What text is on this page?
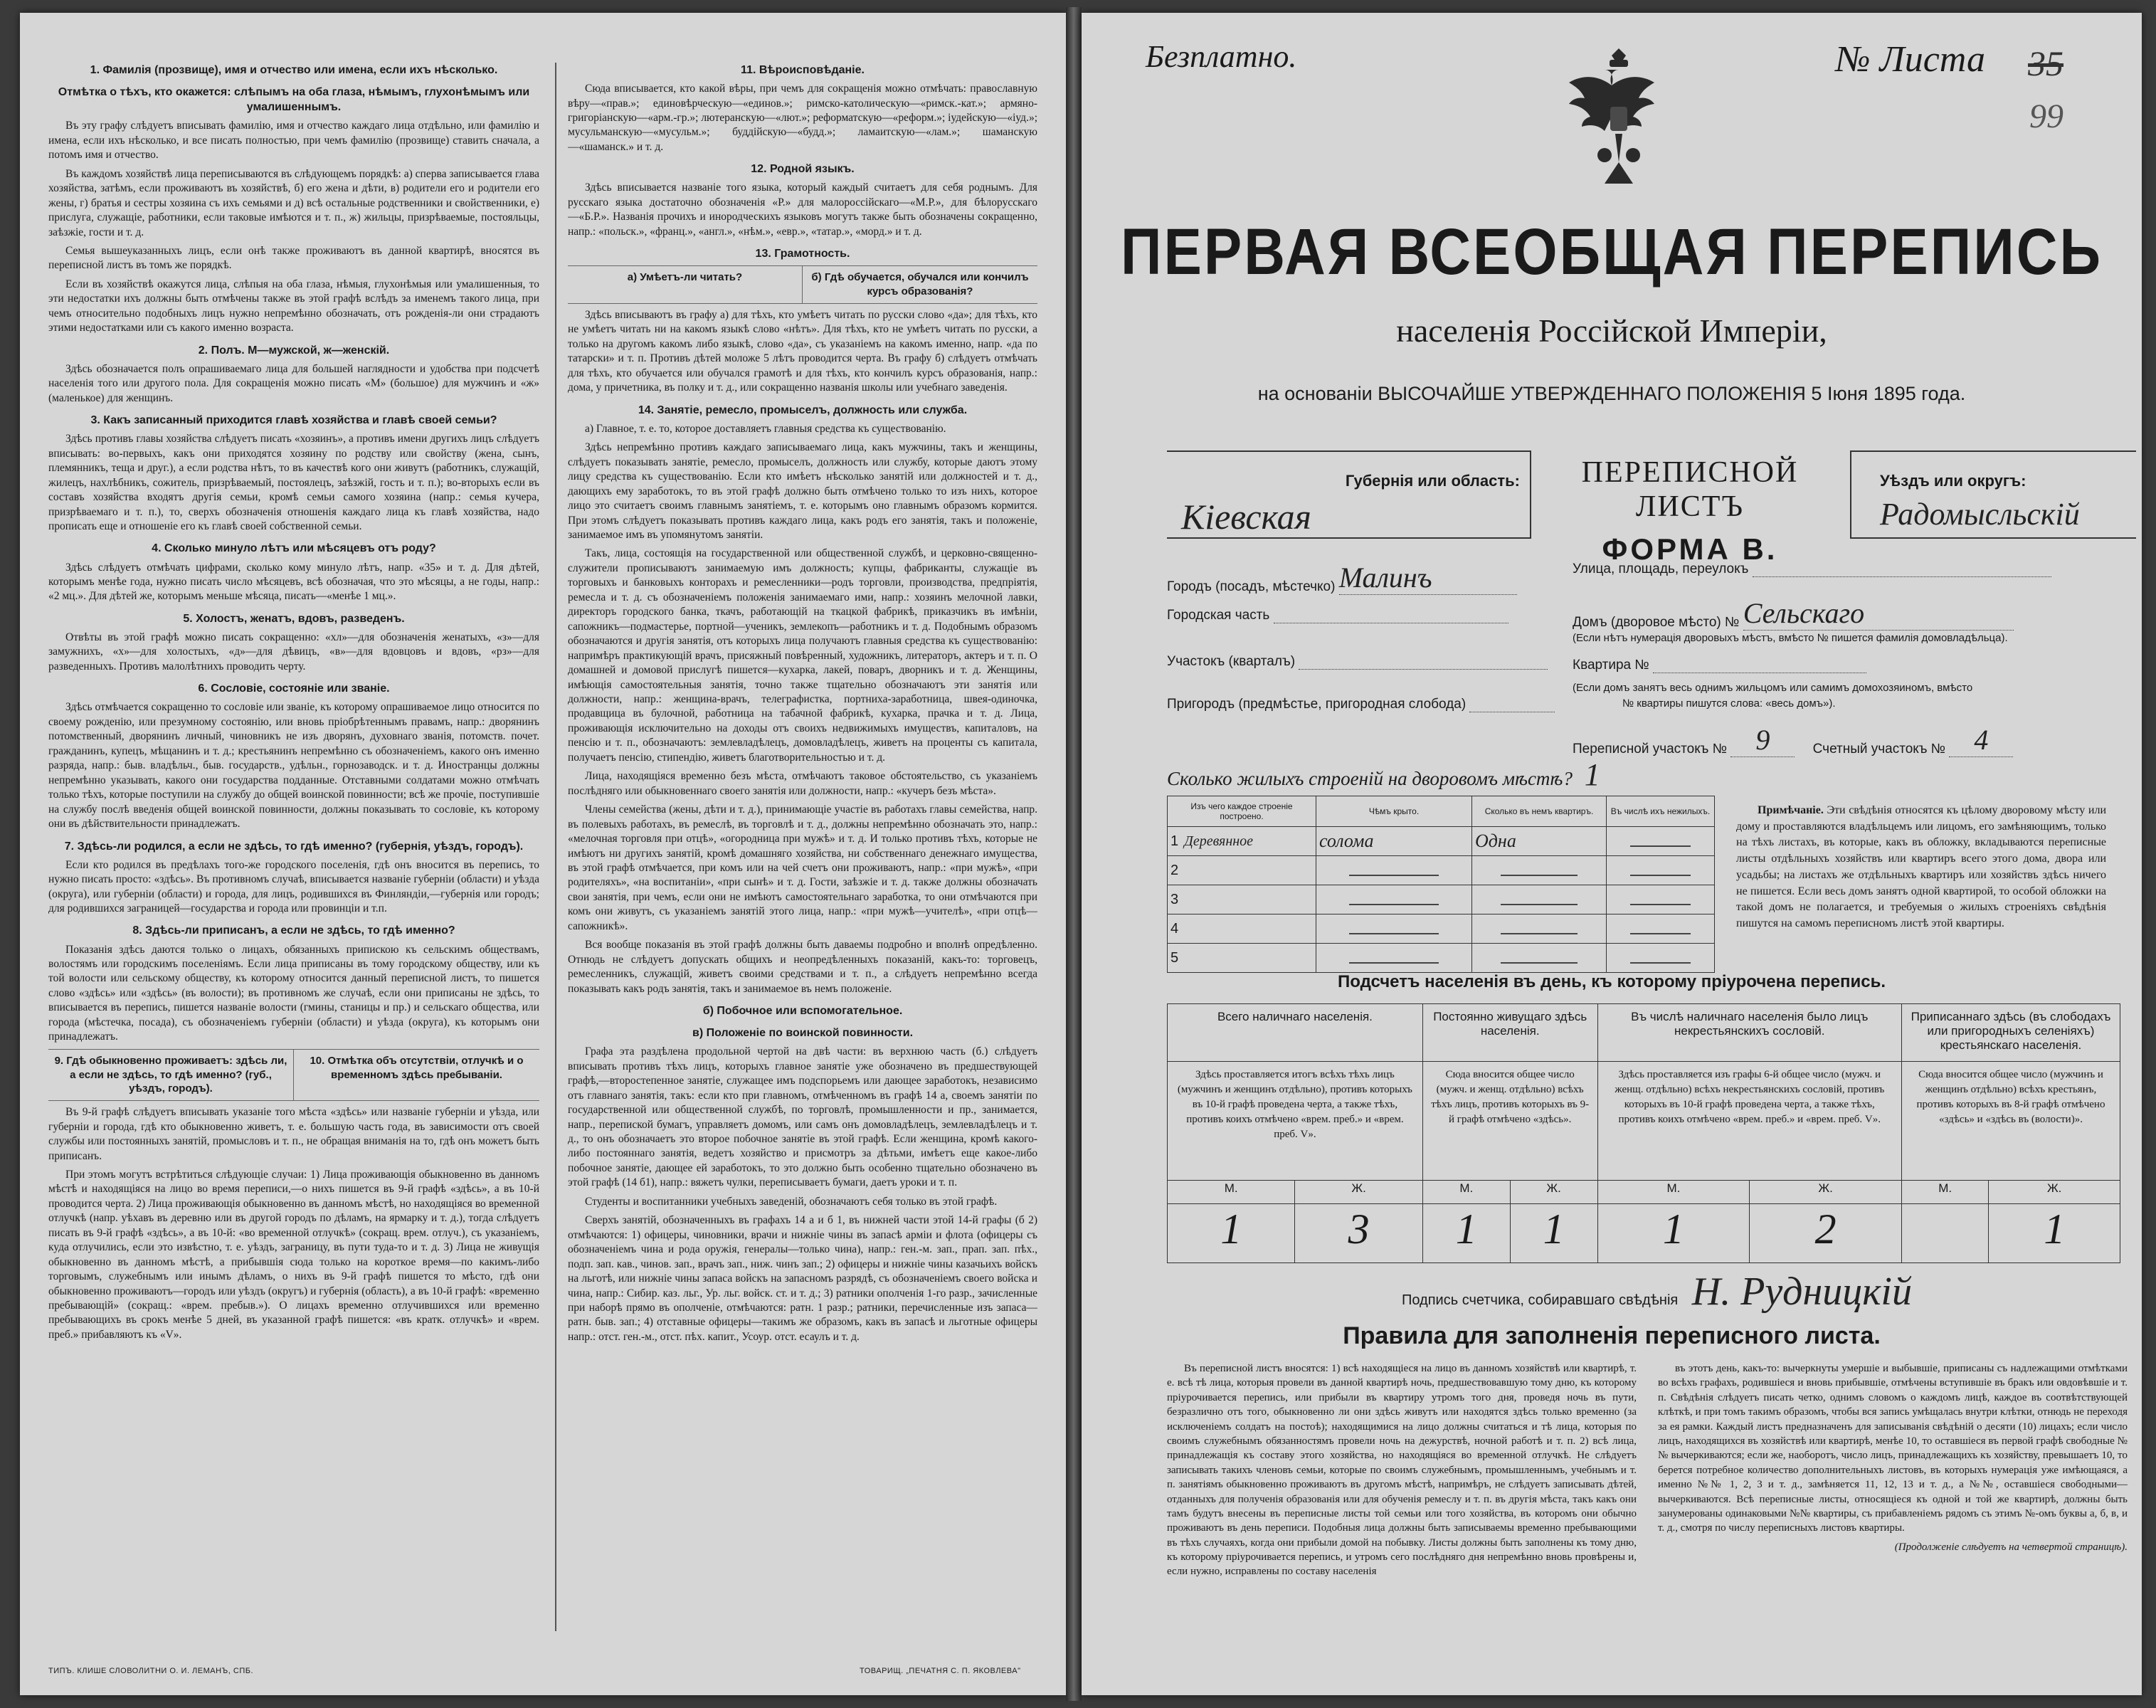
1. Фамилія (прозвище), имя и отчество или имена, если ихъ нѣсколько.
Отмѣтка о тѣхъ, кто окажется: слѣпымъ на оба глаза, нѣмымъ, глухонѣмымъ или умалишеннымъ.

Въ эту графу слѣдуетъ вписывать фамилію, имя и отчество каждаго лица отдѣльно, или фамилію и имена, если ихъ нѣсколько, и все писать полностью, при чемъ фамилію (прозвище) ставить сначала, а потомъ имя и отчество.

Въ каждомъ хозяйствѣ лица переписываются въ слѣдующемъ порядкѣ: а) сперва записывается глава хозяйства, затѣмъ, если проживаютъ въ хозяйствѣ, б) его жена и дѣти, в) родители его и родители его жены, г) братья и сестры хозяина съ ихъ семьями и д) всѣ остальные родственники и свойственники, е) прислуга, служащіе, работники, если таковые имѣются и т. п., ж) жильцы, призрѣваемые, постояльцы, заѣзжіе, гости и т. д.

Семья вышеуказанныхъ лицъ, если онѣ также проживаютъ въ данной квартирѣ, вносятся въ переписной листъ въ томъ же порядкѣ.

Если въ хозяйствѣ окажутся лица, слѣпыя на оба глаза, нѣмыя, глухонѣмыя или умалишенныя, то эти недостатки ихъ должны быть отмѣчены также въ этой графѣ вслѣдъ за именемъ такого лица, при чемъ относительно подобныхъ лицъ нужно непремѣнно обозначать, отъ рожденія-ли они страдаютъ этими недостатками или съ какого именно возраста.

2. Полъ. М—мужской, ж—женскій.

Здѣсь обозначается полъ опрашиваемаго лица для большей наглядности и удобства при подсчетѣ населенія того или другого пола. Для сокращенія можно писать «М» (большое) для мужчинъ и «ж» (маленькое) для женщинъ.

3. Какъ записанный приходится главѣ хозяйства и главѣ своей семьи?

Здѣсь противъ главы хозяйства слѣдуетъ писать «хозяинъ», а противъ имени другихъ лицъ слѣдуетъ вписывать: во-первыхъ, какъ они приходятся хозяину по родству или свойству (жена, сынъ, племянникъ, теща и друг.), а если родства нѣтъ, то въ качествѣ кого они живутъ (работникъ, служащій, жилецъ, нахлѣбникъ, сожитель, призрѣваемый, постоялецъ, заѣзжій, гость и т. п.); во-вторыхъ если въ составъ хозяйства входятъ другія семьи, кромѣ семьи самого хозяина (напр.: семья кучера, призрѣваемаго и т. п.), то, сверхъ обозначенія отношенія каждаго лица къ главѣ хозяйства, надо прописать еще и отношеніе его къ главѣ своей собственной семьи.

4. Сколько минуло лѣтъ или мѣсяцевъ отъ роду?

Здѣсь слѣдуетъ отмѣчать цифрами, сколько кому минуло лѣтъ, напр. «35» и т. д. Для дѣтей, которымъ менѣе года, нужно писать число мѣсяцевъ, всѣ обозначая, что это мѣсяцы, а не годы, напр.: «2 мц.». Для дѣтей же, которымъ меньше мѣсяца, писать—«менѣе 1 мц.».

5. Холостъ, женатъ, вдовъ, разведенъ.

Отвѣты въ этой графѣ можно писать сокращенно: «хл»—для обозначенія женатыхъ, «з»—для замужнихъ, «х»—для холостыхъ, «д»—для дѣвицъ, «в»—для вдовцовъ и вдовъ, «рз»—для разведенныхъ. Противъ малолѣтнихъ проводить черту.

6. Сословіе, состояніе или званіе.

Здѣсь отмѣчается сокращенно то сословіе или званіе, къ которому опрашиваемое лицо относится по своему рожденію, или презумному состоянію, или вновь пріобрѣтеннымъ правамъ, напр.: дворянинъ потомственный, дворянинъ личный, чиновникъ не изъ дворянъ, духовнаго званія, потомств. почет. гражданинъ, купецъ, мѣщанинъ и т. д.; крестьянинъ непремѣнно съ обозначеніемъ, какого онъ именно разряда, напр.: быв. владѣльч., быв. государств., удѣльн., горнозаводск. и т. д. Иностранцы должны непремѣнно указывать, какого они государства подданные. Отставными солдатами можно отмѣчать только тѣхъ, которые поступили на службу до общей воинской повинности; всѣ же прочіе, поступившіе на службу послѣ введенія общей воинской повинности, должны показывать то сословіе, къ которому они въ дѣйствительности принадлежатъ.

7. Здѣсь-ли родился, а если не здѣсь, то гдѣ именно? (губернія, уѣздъ, городъ).

Если кто родился въ предѣлахъ того-же городского поселенія, гдѣ онъ вносится въ перепись, то нужно писать просто: «здѣсь». Въ противномъ случаѣ, вписывается названіе губерніи (области) и уѣзда (округа), или губерніи (области) и города, для лицъ, родившихся въ Финляндіи,—губернія или городъ; для родившихся заграницей—государства и города или провинціи и т.п.

8. Здѣсь-ли приписанъ, а если не здѣсь, то гдѣ именно?

Показанія здѣсь даются только о лицахъ, обязанныхъ припискою къ сельскимъ обществамъ, волостямъ или городскимъ поселеніямъ. Если лица приписаны въ тому городскому обществу, или къ той волости или сельскому обществу, къ которому относится данный переписной листъ, то пишется слово «здѣсь» или «здѣсь» (въ волости); въ противномъ же случаѣ, если они приписаны не здѣсь, то вписывается въ перепись, пишется названіе волости (гмины, станицы и пр.) и сельскаго общества, или города (мѣстечка, посада), съ обозначеніемъ губерніи (области) и уѣзда (округа), къ которымъ они принадлежатъ.

9. Гдѣ обыкновенно проживаетъ: здѣсь ли, а если не здѣсь, то гдѣ именно? (губ., уѣздъ, городъ).
10. Отмѣтка объ отсутствіи, отлучкѣ и о временномъ здѣсь пребываніи.

Въ 9-й графѣ слѣдуетъ вписывать указаніе того мѣста «здѣсь» или названіе губерніи и уѣзда, или губерніи и города, гдѣ кто обыкновенно живетъ, т. е. большую часть года, въ зависимости отъ своей службы или постоянныхъ занятій, промысловъ и т. п., не обращая вниманія на то, гдѣ онъ можетъ быть приписанъ.

При этомъ могутъ встрѣтиться слѣдующіе случаи: 1) Лица проживающія обыкновенно въ данномъ мѣстѣ и находящіяся на лицо во время переписи,—о нихъ пишется въ 9-й графѣ «здѣсь», а въ 10-й проводится черта. 2) Лица проживающія обыкновенно въ данномъ мѣстѣ, но находящіяся во временной отлучкѣ (напр. уѣхавъ въ деревню или въ другой городъ по дѣламъ, на ярмарку и т. д.), тогда слѣдуетъ писать въ 9-й графѣ «здѣсь», а въ 10-й: «во временной отлучкѣ» (сокращ. врем. отлуч.), съ указаніемъ, куда отлучились, если это извѣстно, т. е. уѣздъ, заграницу, въ пути туда-то и т. д. 3) Лица не живущія обыкновенно въ данномъ мѣстѣ, а прибывшія сюда только на короткое время—по какимъ-либо торговымъ, служебнымъ или инымъ дѣламъ, о нихъ въ 9-й графѣ пишется то мѣсто, гдѣ они обыкновенно проживаютъ—городъ или уѣздъ (округъ) и губернія (область), а въ 10-й графѣ: «временно пребывающій» (сокращ.: «врем. пребыв.»). О лицахъ временно отлучившихся или временно пребывающихъ въ срокъ менѣе 5 дней, въ указанной графѣ пишется: «въ кратк. отлучкѣ» и «врем. преб.» прибавляютъ къ «V».

11. Вѣроисповѣданіе.

Сюда вписывается, кто какой вѣры, при чемъ для сокращенія можно отмѣчать: православную вѣру—«прав.»; единовѣрческую—«единов.»; римско-католическую—«римск.-кат.»; армяно-григоріанскую—«арм.-гр.»; лютеранскую—«лют.»; реформатскую—«реформ.»; іудейскую—«іуд.»; мусульманскую—«мусульм.»; буддійскую—«будд.»; ламаитскую—«лам.»; шаманскую—«шаманск.» и т. д.

12. Родной языкъ.

Здѣсь вписывается названіе того языка, который каждый считаетъ для себя роднымъ. Для русскаго языка достаточно обозначенія «Р.» для малороссійскаго—«М.Р.», для бѣлорусскаго—«Б.Р.». Названія прочихъ и инородческихъ языковъ могутъ также быть обозначены сокращенно, напр.: «польск.», «франц.», «англ.», «нѣм.», «евр.», «татар.», «морд.» и т. д.

13. Грамотность.
а) Умѣетъ-ли читать?	б) Гдѣ обучается, обучался или кончилъ курсъ образованія?

Здѣсь вписываютъ въ графу а) для тѣхъ, кто умѣетъ читать по русски слово «да»; для тѣхъ, кто не умѣетъ читать ни на какомъ языкѣ слово «нѣтъ». Для тѣхъ, кто не умѣетъ читать по русски, а только на другомъ какомъ либо языкѣ, слово «да», съ указаніемъ на какомъ именно, напр. «да по татарски» и т. п. Противъ дѣтей моложе 5 лѣтъ проводится черта. Въ графу б) слѣдуетъ отмѣчать для тѣхъ, кто обучается или обучался грамотѣ и для тѣхъ, кто кончилъ курсъ образованія, напр.: дома, у причетника, въ полку и т. д., или сокращенно названія школы или учебнаго заведенія.

14. Занятіе, ремесло, промыселъ, должность или служба.

а) Главное, т. е. то, которое доставляетъ главныя средства къ существованію.

Здѣсь непремѣнно противъ каждаго записываемаго лица, какъ мужчины, такъ и женщины, слѣдуетъ показывать занятіе, ремесло, промыселъ, должность или службу, которые даютъ этому лицу средства къ существованію. Если кто имѣетъ нѣсколько занятій или должностей и т. д., дающихъ ему заработокъ, то въ этой графѣ должно быть отмѣчено только то изъ нихъ, которое лицо это считаетъ своимъ главнымъ занятіемъ, т. е. которымъ оно главнымъ образомъ кормится. При этомъ слѣдуетъ показывать противъ каждаго лица, какъ родъ его занятія, такъ и положеніе, занимаемое имъ въ упомянутомъ занятіи.

Такъ, лица, состоящія на государственной или общественной службѣ, и церковно-священно-служители прописываютъ занимаемую имъ должность; купцы, фабриканты, служащіе въ торговыхъ и банковыхъ конторахъ и ремесленники—родъ торговли, производства, предпріятія, ремесла и т. д. съ обозначеніемъ положенія занимаемаго ими, напр.: хозяинъ мелочной лавки, директоръ городского банка, ткачъ, работающій на ткацкой фабрикѣ, приказчикъ въ имѣніи, сапожникъ—подмастерье, портной—ученикъ, землекопъ—работникъ и т. д. Подобнымъ образомъ обозначаются и другія занятія, отъ которыхъ лица получаютъ главныя средства къ существованію: напримѣръ практикующій врачъ, присяжный повѣренный, художникъ, литераторъ, актеръ и т. п. О домашней и домовой прислугѣ пишется—кухарка, лакей, поваръ, дворникъ и т. д. Женщины, имѣющія самостоятельныя занятія, точно также тщательно обозначаютъ эти занятія или должности, напр.: женщина-врачъ, телеграфистка, портниха-заработница, швея-одиночка, продавщица въ булочной, работница на табачной фабрикѣ, кухарка, прачка и т. д. Лица, проживающія исключительно на доходы отъ своихъ недвижимыхъ имуществъ, капиталовъ, на пенсію и т. п., обозначаютъ: землевладѣлецъ, домовладѣлецъ, живетъ на проценты съ капитала, получаетъ пенсію, стипендію, живетъ благотворительностью и т. д.

Лица, находящіяся временно безъ мѣста, отмѣчаютъ таковое обстоятельство, съ указаніемъ послѣдняго или обыкновеннаго своего занятія или должности, напр.: «кучеръ безъ мѣста».

Члены семейства (жены, дѣти и т. д.), принимающіе участіе въ работахъ главы семейства, напр. въ полевыхъ работахъ, въ ремеслѣ, въ торговлѣ и т. д., должны непремѣнно обозначать это, напр.: «мелочная торговля при отцѣ», «огородница при мужѣ» и т. д. И только противъ тѣхъ, которые не имѣютъ ни другихъ занятій, кромѣ домашняго хозяйства, ни собственнаго денежнаго имущества, въ этой графѣ отмѣчается, при комъ или на чей счетъ они проживаютъ, напр.: «при мужѣ», «при родителяхъ», «на воспитаніи», «при сынѣ» и т. д. Гости, заѣзжіе и т. д. также должны обозначать свои занятія, при чемъ, если они не имѣютъ самостоятельнаго заработка, то они отмѣчаются при комъ они живутъ, съ указаніемъ занятій этого лица, напр.: «при мужѣ—учителѣ», «при отцѣ—сапожникѣ».

Вся вообще показанія въ этой графѣ должны быть даваемы подробно и вполнѣ опредѣленно. Отнюдь не слѣдуетъ допускать общихъ и неопредѣленныхъ показаній, какъ-то: торговецъ, ремесленникъ, служащій, живетъ своими средствами и т. п., а слѣдуетъ непремѣнно всегда показывать какъ родъ занятія, такъ и занимаемое въ немъ положеніе.

б) Побочное или вспомогательное.
в) Положеніе по воинской повинности.

Графа эта раздѣлена продольной чертой на двѣ части: въ верхнюю часть (б.) слѣдуетъ вписывать противъ тѣхъ лицъ, которыхъ главное занятіе уже обозначено въ предшествующей графѣ,—второстепенное занятіе, служащее имъ подспорьемъ или дающее заработокъ, независимо отъ главнаго занятія, такъ: если кто при главномъ, отмѣченномъ въ графѣ 14 а, своемъ занятіи по государственной или общественной службѣ, по торговлѣ, промышленности и пр., занимается, напр., перепиской бумагъ, управляетъ домомъ, или самъ онъ домовладѣлецъ, землевладѣлецъ и т. д., то онъ обозначаетъ это второе побочное занятіе въ этой графѣ. Если женщина, кромѣ какого-либо постояннаго занятія, ведетъ хозяйство и присмотръ за дѣтьми, имѣетъ еще какое-либо побочное занятіе, дающее ей заработокъ, то это должно быть особенно тщательно обозначено въ этой графѣ (14 б1), напр.: вяжетъ чулки, переписываетъ бумаги, даетъ уроки и т. п.

Студенты и воспитанники учебныхъ заведеній, обозначаютъ себя только въ этой графѣ.

Сверхъ занятій, обозначенныхъ въ графахъ 14 а и б 1, въ нижней части этой 14-й графы (б 2) отмѣчаются: 1) офицеры, чиновники, врачи и нижніе чины въ запасѣ арміи и флота (офицеры съ обозначеніемъ чина и рода оружія, генералы—только чина), напр.: ген.-м. зап., прап. зап. пѣх., подп. зап. кав., чинов. зап., врачъ зап., ниж. чинъ зап.; 2) офицеры и нижніе чины казачьихъ войскъ на льготѣ, или нижніе чины запаса войскъ на запасномъ разрядѣ, съ обозначеніемъ своего войска и чина, напр.: Сибир. каз. льг., Ур. льг. войск. ст. и т. д.; 3) ратники ополченія 1-го разр., зачисленные при наборѣ прямо въ ополченіе, отмѣчаются: ратн. 1 разр.; ратники, перечисленные изъ запаса—ратн. быв. зап.; 4) отставные офицеры—такимъ же образомъ, какъ въ запасѣ и льготные офицеры напр.: отст. ген.-м., отст. пѣх. капит., Усоур. отст. есаулъ и т. д.

ТИПЪ. КЛИШЕ СЛОВОЛИТНИ О. И. ЛЕМАНЪ, СПБ.	ТОВАРИЩ. „ПЕЧАТНЯ С. П. ЯКОВЛЕВА"
Безплатно.	№ Листа 35
99
ПЕРВАЯ ВСЕОБЩАЯ ПЕРЕПИСЬ
населенія Россійской Имперіи,
на основаніи ВЫСОЧАЙШЕ УТВЕРЖДЕННАГО ПОЛОЖЕНІЯ 5 Іюня 1895 года.
Губернія или область:
Кіевская
ПЕРЕПИСНОЙ ЛИСТЪ
ФОРМА В.
Уѣздъ или округъ:
Радомысльскій
Городъ (посадъ, мѣстечко) Малинъ
Городская часть
Участокъ (кварталъ)
Пригородъ (предмѣстье, пригородная слобода)
Улица, площадь, переулокъ
Домъ (дворовое мѣсто) № Сельскаго
(Если нѣтъ нумерація дворовыхъ мѣстъ, вмѣсто № пишется фамилія домовладѣльца).
Квартира №
(Если домъ занятъ весь однимъ жильцомъ или самимъ домохозяиномъ, вмѣсто
№ квартиры пишутся слова: «весь домъ»).
Переписной участокъ № 9	Счетный участокъ № 4
Сколько жилыхъ строеній на дворовомъ мѣстѣ? 1
Изъ чего каждое строеніе построено.	Чѣмъ крыто.	Сколько въ немъ квартиръ.	Въ числѣ ихъ нежилыхъ.
1 Деревянное	солома	Одна	
2			
3			
4			
5			
Примѣчаніе. Эти свѣдѣнія относятся къ цѣлому дворовому мѣсту или дому и проставляются владѣльцемъ или лицомъ, его замѣняющимъ, только на тѣхъ листахъ, въ которые, какъ въ обложку, вкладываются переписные листы отдѣльныхъ хозяйствъ или квартиръ всего этого дома, двора или усадьбы; на листахъ же отдѣльныхъ квартиръ или хозяйствъ здѣсь ничего не пишется. Если весь домъ занятъ одной квартирой, то особой обложки на такой домъ не полагается, и требуемыя о жилыхъ строеніяхъ свѣдѣнія пишутся на самомъ переписномъ листѣ этой квартиры.
Подсчетъ населенія въ день, къ которому пріурочена перепись.
Всего наличнаго населенія.		Постоянно живущаго здѣсь населенія.		Въ числѣ наличнаго населенія было лицъ некрестьянскихъ сословій.		Приписаннаго здѣсь (въ слободахъ или пригородныхъ селеніяхъ) крестьянскаго населенія.	
Здѣсь проставляется итогъ всѣхъ тѣхъ лицъ (мужчинъ и женщинъ отдѣльно), противъ которыхъ въ 10-й графѣ проведена черта, а также тѣхъ, противъ коихъ отмѣчено «врем. преб.» и «врем. преб. V».		Сюда вносится общее число (мужч. и женщ. отдѣльно) всѣхъ тѣхъ лицъ, противъ которыхъ въ 9-й графѣ отмѣчено «здѣсь».		Здѣсь проставляется изъ графы 6-й общее число (мужч. и женщ. отдѣльно) всѣхъ некрестьянскихъ сословій, противъ которыхъ въ 10-й графѣ проведена черта, а также тѣхъ, противъ коихъ отмѣчено «врем. преб.» и «врем. преб. V».		Сюда вносится общее число (мужчинъ и женщинъ отдѣльно) всѣхъ крестьянъ, противъ которыхъ въ 8-й графѣ отмѣчено «здѣсь» и «здѣсь въ (волости)».	
М.	Ж.	М.	Ж.	М.	Ж.	М.	Ж.
1	3	1	1	1	2		1
Подпись счетчика, собиравшаго свѣдѣнія Н. Рудницкій
Правила для заполненія переписного листа.

Въ переписной листъ вносятся: 1) всѣ находящіеся на лицо въ данномъ хозяйствѣ или квартирѣ, т. е. всѣ тѣ лица, которыя провели въ данной квартирѣ ночь, предшествовавшую тому дню, къ которому пріурочивается перепись, или прибыли въ квартиру утромъ того дня, проведя ночь въ пути, безразлично отъ того, обыкновенно ли они здѣсь живутъ или находятся здѣсь только временно (за исключеніемъ солдатъ на постоѣ); находящимися на лицо должны считаться и тѣ лица, которыя по своимъ служебнымъ обязанностямъ провели ночь на дежурствѣ, ночной работѣ и т. п. 2) всѣ лица, принадлежащія къ составу этого хозяйства, но находящіяся во временной отлучкѣ. Не слѣдуетъ записывать такихъ членовъ семьи, которые по своимъ служебнымъ, промышленнымъ, учебнымъ и т. п. занятіямъ обыкновенно проживаютъ въ другомъ мѣстѣ, напримѣръ, не слѣдуетъ записывать дѣтей, отданныхъ для полученія образованія или для обученія ремеслу и т. п. въ другія мѣста, такъ какъ они тамъ будутъ внесены въ переписные листы той семьи или того хозяйства, въ которомъ они обычно проживаютъ въ день переписи. Подобныя лица должны быть записываемы временно пребывающими въ тѣхъ случаяхъ, когда они прибыли домой на побывку. Листы должны быть заполнены къ тому дню, къ которому пріурочивается перепись, и утромъ сего послѣдняго дня непремѣнно вновь провѣрены и, если нужно, исправлены по составу населенія

въ этотъ день, какъ-то: вычеркнуты умершіе и выбывшіе, приписаны съ надлежащими отмѣтками во всѣхъ графахъ, родившіеся и вновь прибывшіе, отмѣчены вступившіе въ бракъ или овдовѣвшіе и т. п. Свѣдѣнія слѣдуетъ писать четко, однимъ словомъ о каждомъ лицѣ, каждое въ соотвѣтствующей клѣткѣ, и при томъ такимъ образомъ, чтобы вся запись умѣщалась внутри клѣтки, отнюдь не переходя за ея рамки. Каждый листъ предназначенъ для записыванія свѣдѣній о десяти (10) лицахъ; если число лицъ, находящихся въ хозяйствѣ или квартирѣ, менѣе 10, то оставшіеся въ первой графѣ свободные №№ вычеркиваются; если же, наоборотъ, число лицъ, принадлежащихъ къ хозяйству, превышаетъ 10, то берется потребное количество дополнительныхъ листовъ, въ которыхъ нумерація уже имѣющаяся, а именно №№ 1, 2, 3 и т. д., замѣняется 11, 12, 13 и т. д., а №№, оставшіеся свободными—вычеркиваются. Всѣ переписные листы, относящіеся къ одной и той же квартирѣ, должны быть занумерованы одинаковыми №№ квартиры, съ прибавленіемъ рядомъ съ этимъ №-омъ буквы а, б, в, и т. д., смотря по числу переписныхъ листовъ квартиры.

(Продолженіе слѣдуетъ на четвертой страницѣ).
